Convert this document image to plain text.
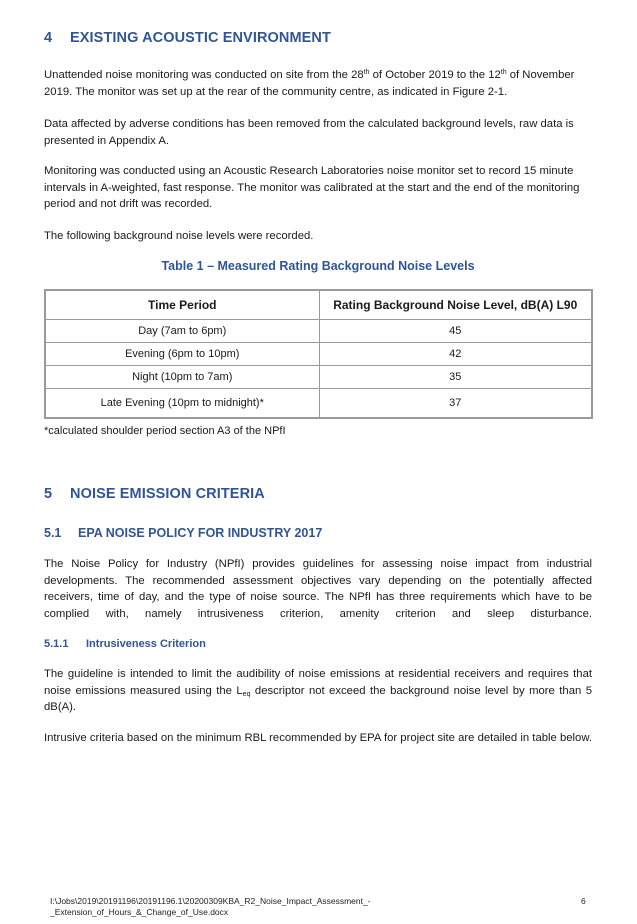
4 EXISTING ACOUSTIC ENVIRONMENT

Unattended noise monitoring was conducted on site from the 28th of October 2019 to the 12th of November 2019. The monitor was set up at the rear of the community centre, as indicated in Figure 2-1.

Data affected by adverse conditions has been removed from the calculated background levels, raw data is presented in Appendix A.

Monitoring was conducted using an Acoustic Research Laboratories noise monitor set to record 15 minute intervals in A-weighted, fast response. The monitor was calibrated at the start and the end of the monitoring period and not drift was recorded.

The following background noise levels were recorded.

Table 1 – Measured Rating Background Noise Levels
Time Period	Rating Background Noise Level, dB(A) L90
Day (7am to 6pm)	45
Evening (6pm to 10pm)	42
Night (10pm to 7am)	35
Late Evening (10pm to midnight)*	37
*calculated shoulder period section A3 of the NPfI
5 NOISE EMISSION CRITERIA
5.1 EPA NOISE POLICY FOR INDUSTRY 2017

The Noise Policy for Industry (NPfI) provides guidelines for assessing noise impact from industrial developments. The recommended assessment objectives vary depending on the potentially affected receivers, time of day, and the type of noise source. The NPfI has three requirements which have to be complied with, namely intrusiveness criterion, amenity criterion and sleep disturbance.

5.1.1 Intrusiveness Criterion

The guideline is intended to limit the audibility of noise emissions at residential receivers and requires that noise emissions measured using the $L_{eq}$ descriptor not exceed the background noise level by more than 5 dB(A).

Intrusive criteria based on the minimum RBL recommended by EPA for project site are detailed in table below.

I:\Jobs\2019\20191196\20191196.1\20200309KBA_R2_Noise_Impact_Assessment_-
_Extension_of_Hours_&_Change_of_Use.docx
6
